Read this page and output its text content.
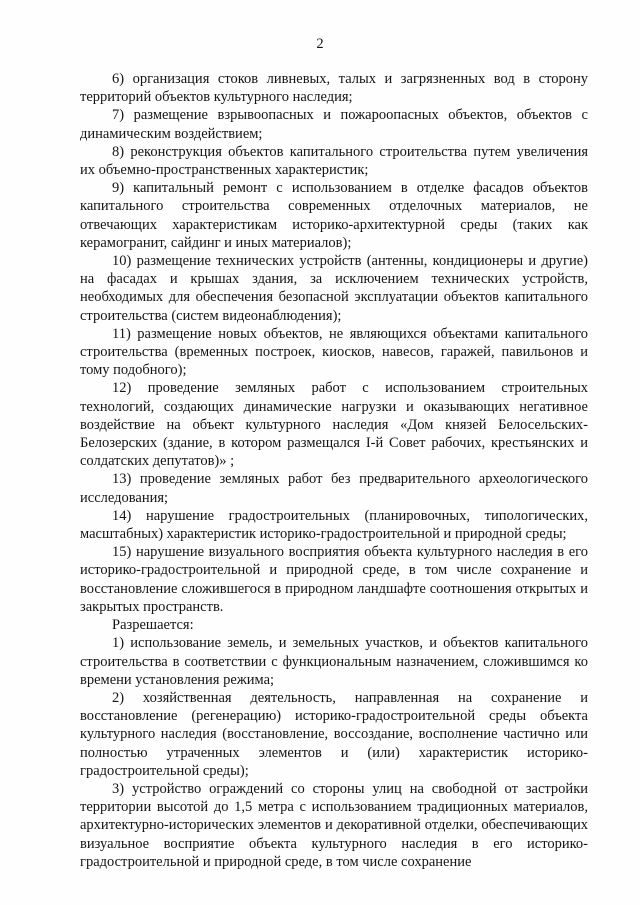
2

6) организация стоков ливневых, талых и загрязненных вод в сторону территорий объектов культурного наследия;

7) размещение взрывоопасных и пожароопасных объектов, объектов с динамическим воздействием;

8) реконструкция объектов капитального строительства путем увеличения их объемно-пространственных характеристик;

9) капитальный ремонт с использованием в отделке фасадов объектов капитального строительства современных отделочных материалов, не отвечающих характеристикам историко-архитектурной среды (таких как керамогранит, сайдинг и иных материалов);

10) размещение технических устройств (антенны, кондиционеры и другие) на фасадах и крышах здания, за исключением технических устройств, необходимых для обеспечения безопасной эксплуатации объектов капитального строительства (систем видеонаблюдения);

11) размещение новых объектов, не являющихся объектами капитального строительства (временных построек, киосков, навесов, гаражей, павильонов и тому подобного);

12) проведение земляных работ с использованием строительных технологий, создающих динамические нагрузки и оказывающих негативное воздействие на объект культурного наследия «Дом князей Белосельских-Белозерских (здание, в котором размещался I-й Совет рабочих, крестьянских и солдатских депутатов)» ;

13) проведение земляных работ без предварительного археологического исследования;

14) нарушение градостроительных (планировочных, типологических, масштабных) характеристик историко-градостроительной и природной среды;

15) нарушение визуального восприятия объекта культурного наследия в его историко-градостроительной и природной среде, в том числе сохранение и восстановление сложившегося в природном ландшафте соотношения открытых и закрытых пространств.

Разрешается:

1) использование земель, и земельных участков, и объектов капитального строительства в соответствии с функциональным назначением, сложившимся ко времени установления режима;

2) хозяйственная деятельность, направленная на сохранение и восстановление (регенерацию) историко-градостроительной среды объекта культурного наследия (восстановление, воссоздание, восполнение частично или полностью утраченных элементов и (или) характеристик историко-градостроительной среды);

3) устройство ограждений со стороны улиц на свободной от застройки территории высотой до 1,5 метра с использованием традиционных материалов, архитектурно-исторических элементов и декоративной отделки, обеспечивающих визуальное восприятие объекта культурного наследия в его историко-градостроительной и природной среде, в том числе сохранение
